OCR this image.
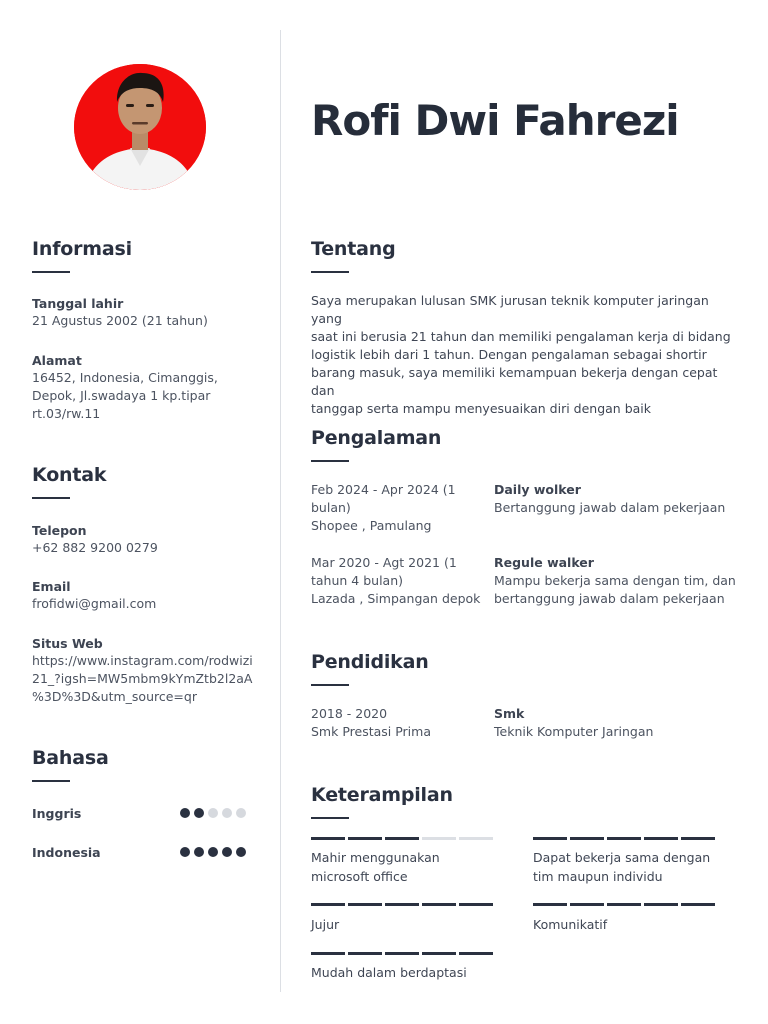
Informasi
Tanggal lahir
21 Agustus 2002 (21 tahun)
Alamat
16452, Indonesia, Cimanggis,
Depok, Jl.swadaya 1 kp.tipar
rt.03/rw.11
Kontak
Telepon
+62 882 9200 0279
Email
frofidwi@gmail.com
Situs Web
https://www.instagram.com/rodwizi
21_?igsh=MW5mbm9kYmZtb2l2aA
%3D%3D&utm_source=qr
Bahasa
Inggris
Indonesia
Rofi Dwi Fahrezi
Tentang
Saya merupakan lulusan SMK jurusan teknik komputer jaringan yang
saat ini berusia 21 tahun dan memiliki pengalaman kerja di bidang
logistik lebih dari 1 tahun. Dengan pengalaman sebagai shortir
barang masuk, saya memiliki kemampuan bekerja dengan cepat dan
tanggap serta mampu menyesuaikan diri dengan baik
Pengalaman
Feb 2024 - Apr 2024 (1
bulan)
Shopee , Pamulang
Daily wolker
Bertanggung jawab dalam pekerjaan
Mar 2020 - Agt 2021 (1
tahun 4 bulan)
Lazada , Simpangan depok
Regule walker
Mampu bekerja sama dengan tim, dan
bertanggung jawab dalam pekerjaan
Pendidikan
2018 - 2020
Smk Prestasi Prima
Smk
Teknik Komputer Jaringan
Keterampilan
Mahir menggunakan
microsoft office
Dapat bekerja sama dengan
tim maupun individu
Jujur	Komunikatif
Mudah dalam berdaptasi
